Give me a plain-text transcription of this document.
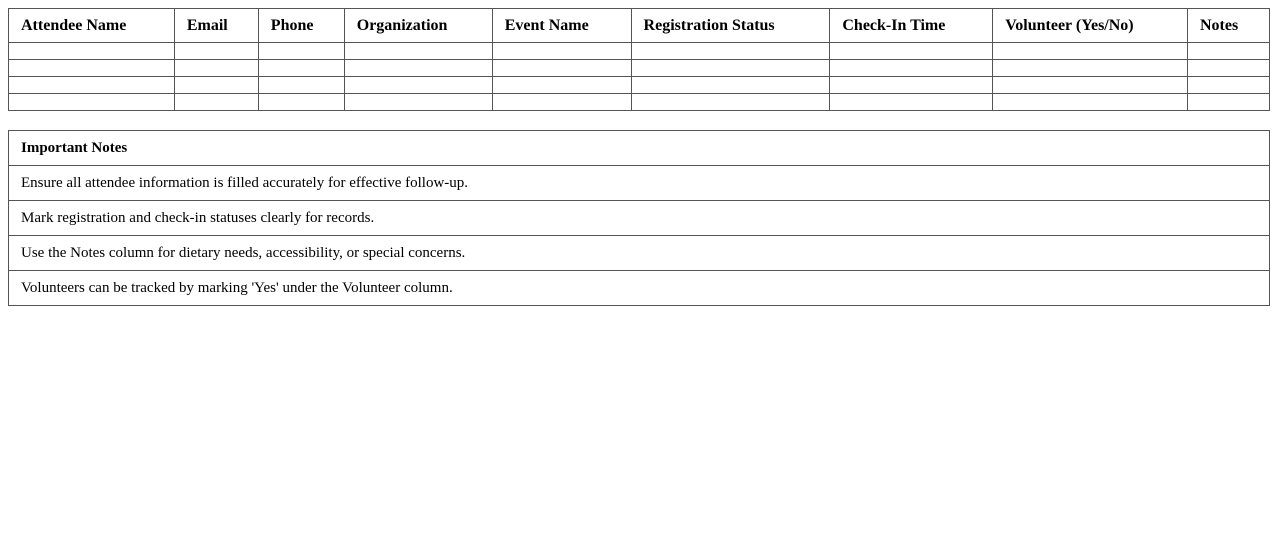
Attendee Name	Email	Phone	Organization	Event Name	Registration Status	Check-In Time	Volunteer (Yes/No)	Notes

Important Notes
Ensure all attendee information is filled accurately for effective follow-up.
Mark registration and check-in statuses clearly for records.
Use the Notes column for dietary needs, accessibility, or special concerns.
Volunteers can be tracked by marking 'Yes' under the Volunteer column.
